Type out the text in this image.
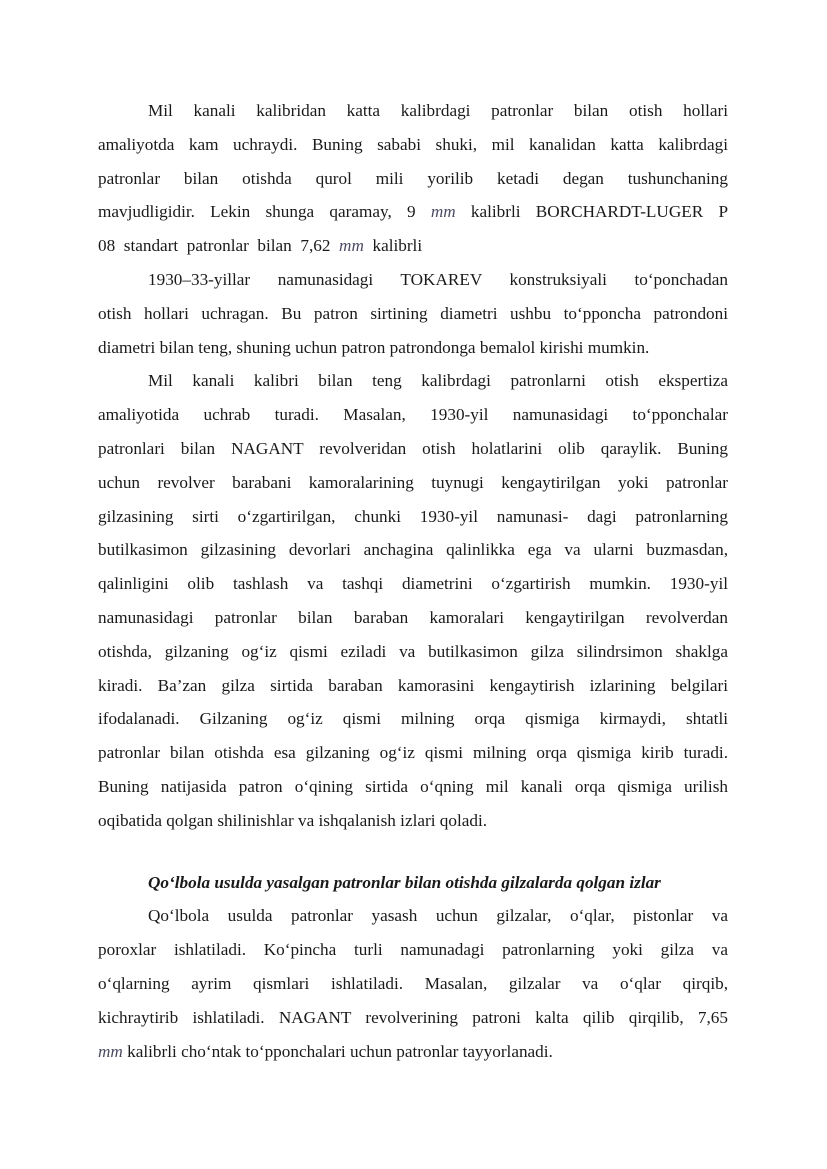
Mil kanali kalibridan katta kalibrdagi patronlar bilan otish hollari
amaliyotda kam uchraydi. Buning sababi shuki, mil kanalidan katta kalibrdagi
patronlar bilan otishda qurol mili yorilib ketadi degan tushunchaning
mavjudligidir. Lekin shunga qaramay, 9 mm kalibrli BORCHARDT-LUGER P
08  standart  patronlar  bilan  7,62  mm  kalibrli

1930–33-yillar namunasidagi TOKAREV konstruksiyali to‘ponchadan
otish hollari uchragan. Bu patron sirtining diametri ushbu to‘pponcha patrondoni
diametri bilan teng, shuning uchun patron patrondonga bemalol kirishi mumkin.

Mil kanali kalibri bilan teng kalibrdagi patronlarni otish ekspertiza
amaliyotida uchrab turadi. Masalan, 1930-yil namunasidagi to‘pponchalar
patronlari bilan NAGANT revolveridan otish holatlarini olib qaraylik. Buning
uchun revolver barabani kamoralarining tuynugi kengaytirilgan yoki patronlar
gilzasining sirti o‘zgartirilgan, chunki 1930-yil namunasi- dagi patronlarning
butilkasimon gilzasining devorlari anchagina qalinlikka ega va ularni buzmasdan,
qalinligini olib tashlash va tashqi diametrini o‘zgartirish mumkin. 1930-yil
namunasidagi patronlar bilan baraban kamoralari kengaytirilgan revolverdan
otishda, gilzaning og‘iz qismi eziladi va butilkasimon gilza silindrsimon shaklga
kiradi. Ba’zan gilza sirtida baraban kamorasini kengaytirish izlarining belgilari
ifodalanadi. Gilzaning og‘iz qismi milning orqa qismiga kirmaydi, shtatli
patronlar bilan otishda esa gilzaning og‘iz qismi milning orqa qismiga kirib turadi.
Buning natijasida patron o‘qining sirtida o‘qning mil kanali orqa qismiga urilish
oqibatida qolgan shilinishlar va ishqalanish izlari qoladi.

Qo‘lbola usulda yasalgan patronlar bilan otishda gilzalarda qolgan izlar

Qo‘lbola usulda patronlar yasash uchun gilzalar, o‘qlar, pistonlar va
poroxlar ishlatiladi. Ko‘pincha turli namunadagi patronlarning yoki gilza va
o‘qlarning ayrim qismlari ishlatiladi. Masalan, gilzalar va o‘qlar qirqib,
kichraytirib ishlatiladi. NAGANT revolverining patroni kalta qilib qirqilib, 7,65
mm kalibrli cho‘ntak to‘pponchalari uchun patronlar tayyorlanadi.
